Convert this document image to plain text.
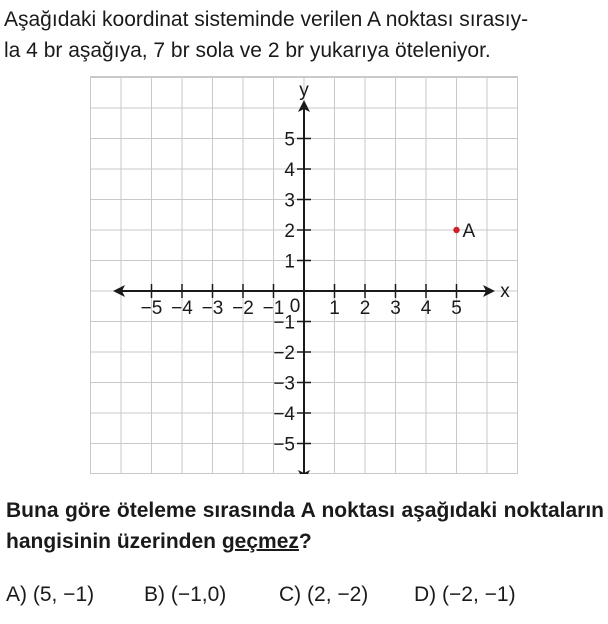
Aşağıdaki koordinat sisteminde verilen A noktası sırasıy-
la 4 br aşağıya, 7 br sola ve 2 br yukarıya öteleniyor.

−5 −4 −3 −2 −1 1 2 3 4 5
5
4
3
2
1
−1
−2
−3
−4
−5
0
x
y
A

Buna göre öteleme sırasında A noktası aşağıdaki noktaların hangisinin üzerinden geçmez?

A) (5, −1) B) (−1,0)	C) (2, −2) D) (−2, −1)
